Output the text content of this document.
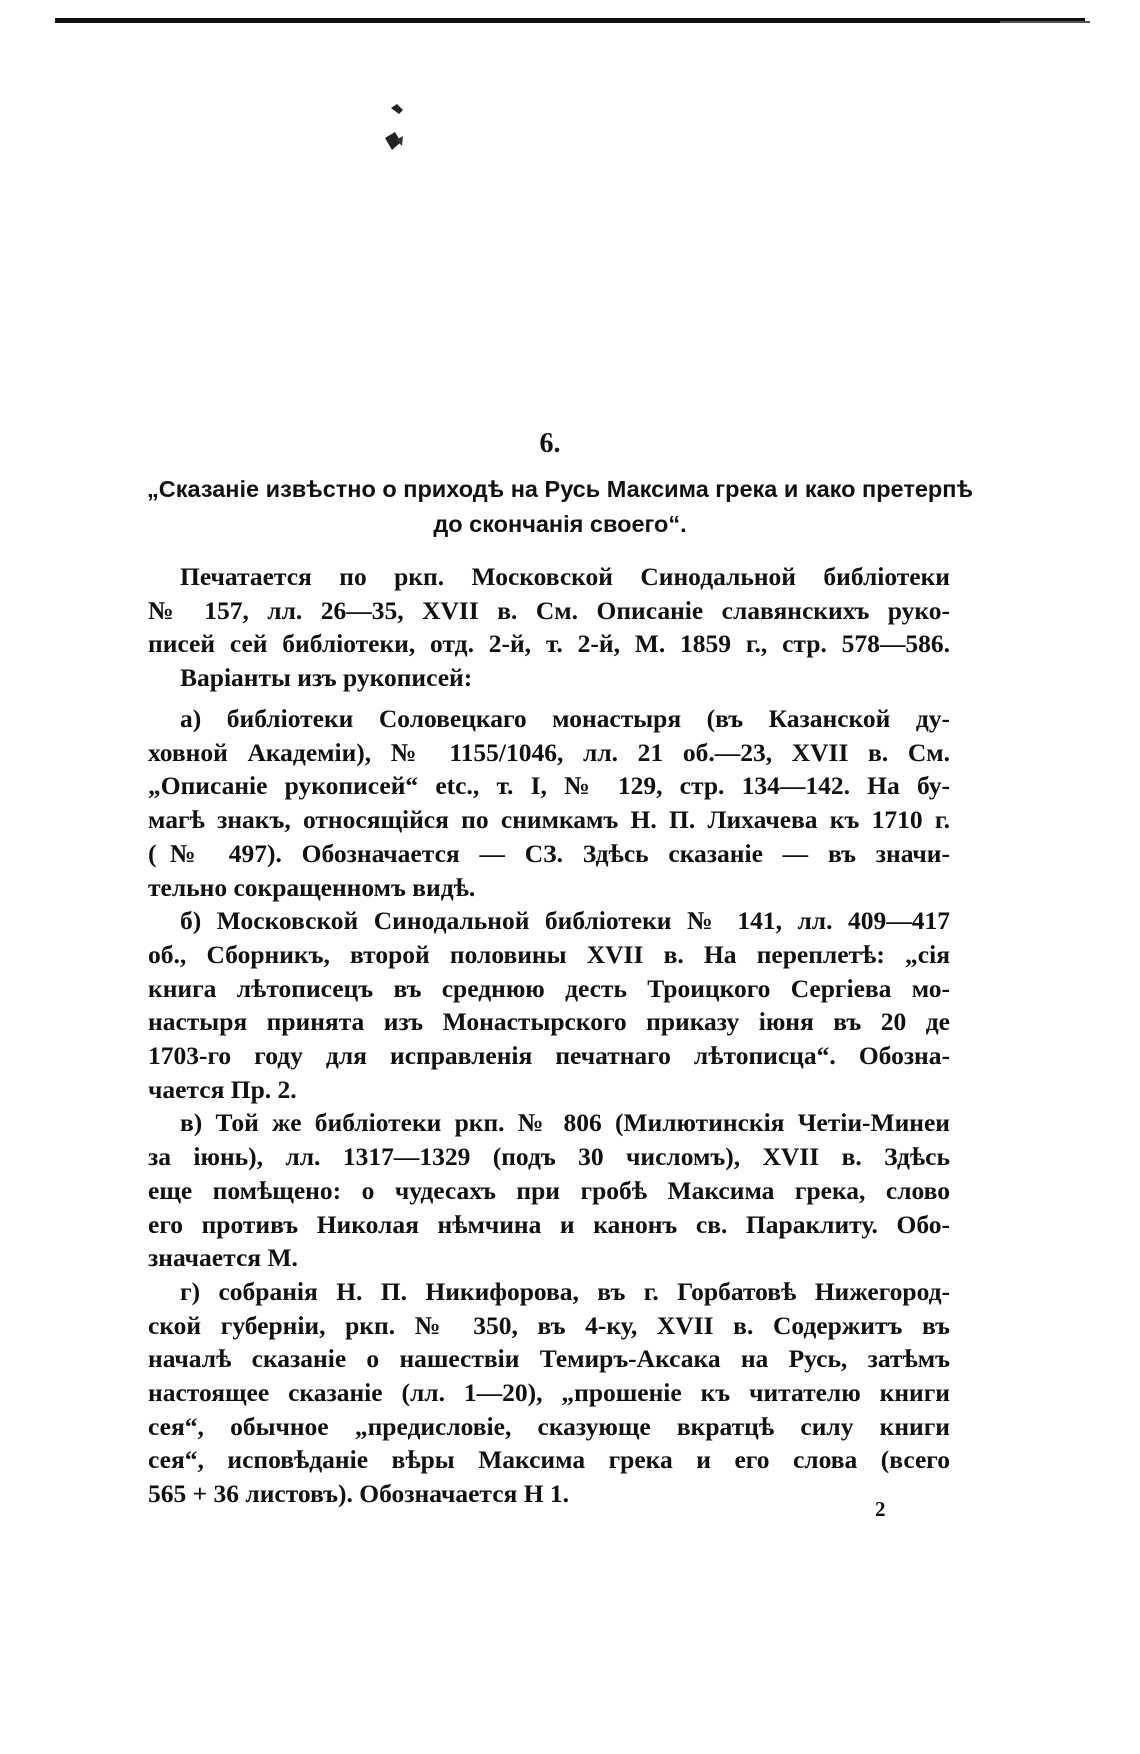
6.
„Сказаніе извѣстно о приходѣ на Русь Максима грека и како претерпѣ
до скончанія своего“.
Печатается по ркп. Московской Синодальной библіотеки
№ 157, лл. 26—35, XVII в. См. Описаніе славянскихъ руко-
писей сей библіотеки, отд. 2-й, т. 2-й, М. 1859 г., стр. 578—586.
Варіанты изъ рукописей:
а) библіотеки Соловецкаго монастыря (въ Казанской ду-
ховной Академіи), № 1155/1046, лл. 21 об.—23, XVII в. См.
„Описаніе рукописей“ etc., т. I, № 129, стр. 134—142. На бу-
магѣ знакъ, относящійся по снимкамъ Н. П. Лихачева къ 1710 г.
(№ 497). Обозначается — СЗ. Здѣсь сказаніе — въ значи-
тельно сокращенномъ видѣ.
б) Московской Синодальной библіотеки № 141, лл. 409—417
об., Сборникъ, второй половины XVII в. На переплетѣ: „сія
книга лѣтописецъ въ среднюю десть Троицкого Сергіева мо-
настыря принята изъ Монастырского приказу іюня въ 20 де
1703-го году для исправленія печатнаго лѣтописца“. Обозна-
чается Пр. 2.
в) Той же библіотеки ркп. № 806 (Милютинскія Четіи-Минеи
за іюнь), лл. 1317—1329 (подъ 30 числомъ), XVII в. Здѣсь
еще помѣщено: о чудесахъ при гробѣ Максима грека, слово
его противъ Николая нѣмчина и канонъ св. Параклиту. Обо-
значается М.
г) собранія Н. П. Никифорова, въ г. Горбатовѣ Нижегород-
ской губерніи, ркп. № 350, въ 4-ку, XVII в. Содержитъ въ
началѣ сказаніе о нашествіи Темиръ-Аксака на Русь, затѣмъ
настоящее сказаніе (лл. 1—20), „прошеніе къ читателю книги
сея“, обычное „предисловіе, сказующе вкратцѣ силу книги
сея“, исповѣданіе вѣры Максима грека и его слова (всего
565 + 36 листовъ). Обозначается Н 1.
2
